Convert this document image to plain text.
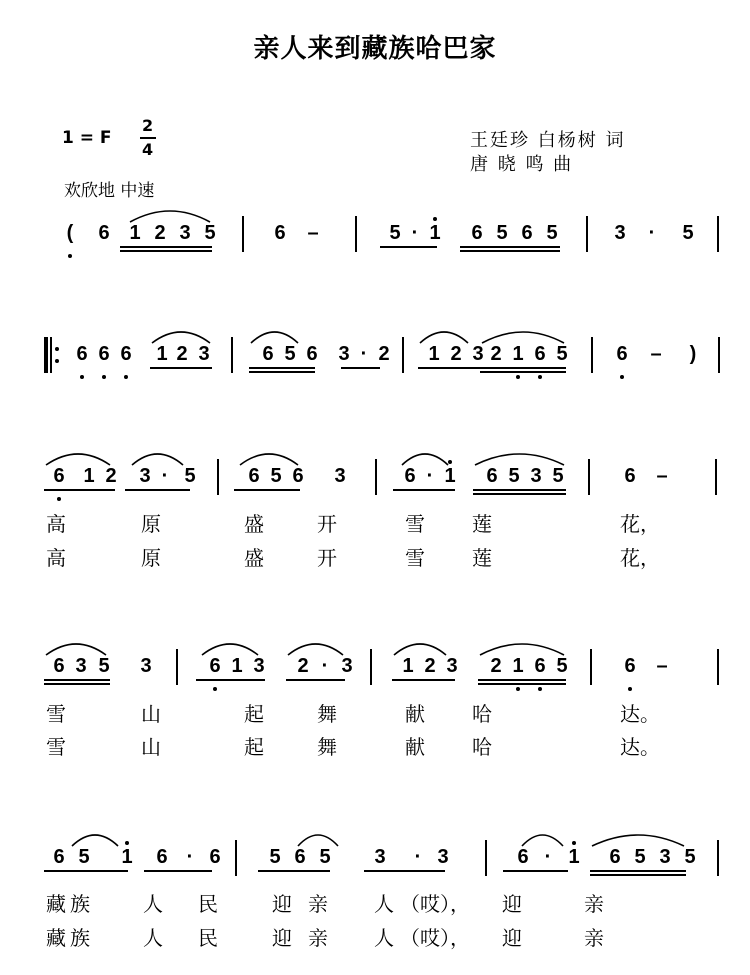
亲人来到藏族哈巴家
1 = F
2
4
欢欣地 中速
王廷珍 白杨树 词
唐 晓 鸣 曲
(	6 1 2 3 5	6 –	5 · 1 6 5 6 5	3	·	5
6 6 6 1 2 3	6 5 6 3 · 2 1 2 3 2 1 6 5 6 –	)
6 1 2 3 · 5	6 5 6 3	6 · 1 6 5 3 5	6 –
高	原	盛	开	雪 莲	花，
高	原	盛	开	雪 莲	花，
6 3 5 3	6 1 3 2 · 3 1 2 3 2 1 6 5	6 –
雪	山	起	舞	献 哈	达。
雪	山	起	舞	献 哈	达。
6 5 1 6 · 6 5 6 5 3	· 3	6 · 1 6 5 3 5
藏 族	人 民	迎 亲 人 （哎）， 迎	亲
藏 族	人 民	迎 亲 人 （哎）， 迎	亲
